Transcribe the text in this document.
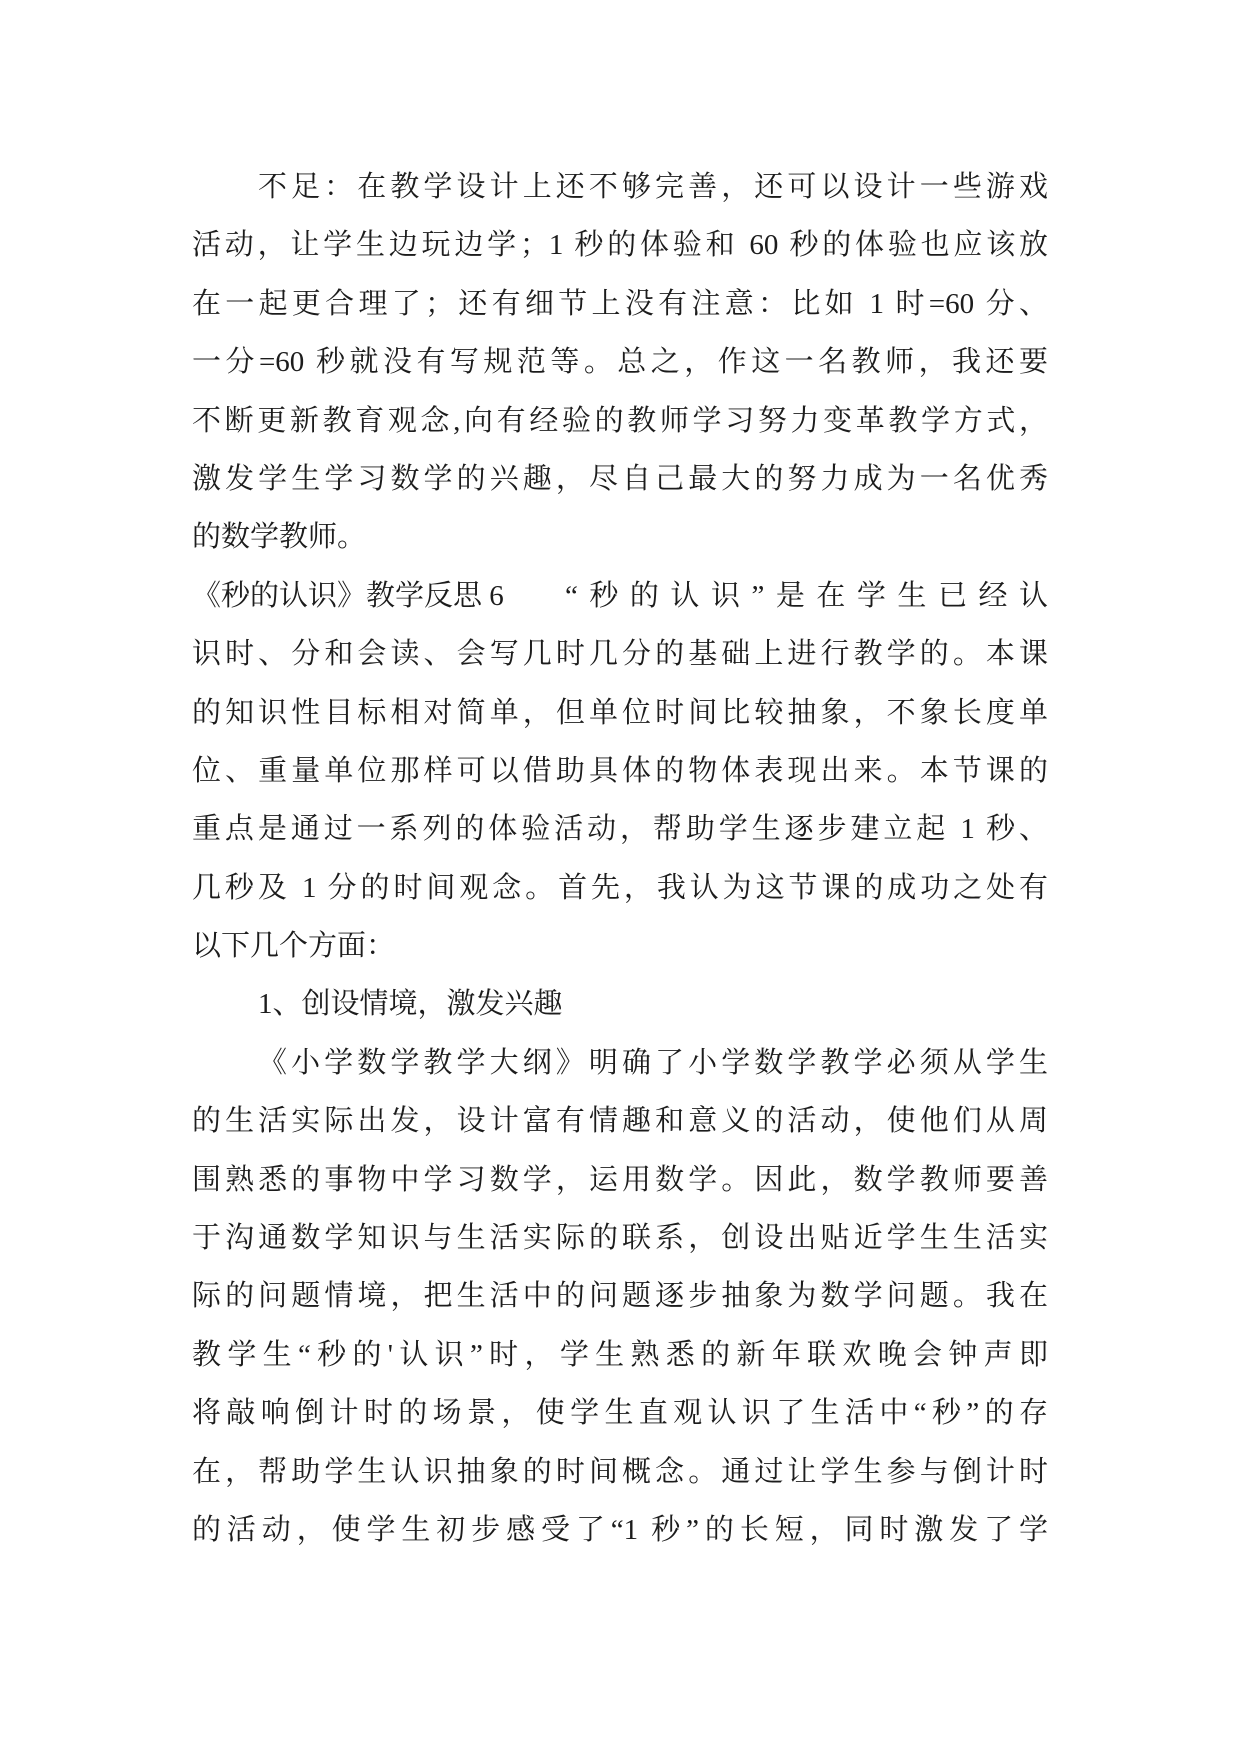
不足：在教学设计上还不够完善，还可以设计一些游戏
活动，让学生边玩边学；1 秒的体验和 60 秒的体验也应该放
在一起更合理了；还有细节上没有注意：比如 1 时=60 分、
一分=60 秒就没有写规范等。总之，作这一名教师，我还要
不断更新教育观念,向有经验的教师学习努力变革教学方式，
激发学生学习数学的兴趣，尽自己最大的努力成为一名优秀
的数学教师。
《秒的认识》教学反思 6 “秒的认识”是在学生已经认
识时、分和会读、会写几时几分的基础上进行教学的。本课
的知识性目标相对简单，但单位时间比较抽象，不象长度单
位、重量单位那样可以借助具体的物体表现出来。本节课的
重点是通过一系列的体验活动，帮助学生逐步建立起 1 秒、
几秒及 1 分的时间观念。首先，我认为这节课的成功之处有
以下几个方面：
1、创设情境，激发兴趣
《小学数学教学大纲》明确了小学数学教学必须从学生
的生活实际出发，设计富有情趣和意义的活动，使他们从周
围熟悉的事物中学习数学，运用数学。因此，数学教师要善
于沟通数学知识与生活实际的联系，创设出贴近学生生活实
际的问题情境，把生活中的问题逐步抽象为数学问题。我在
教学生“秒的'认识”时，学生熟悉的新年联欢晚会钟声即
将敲响倒计时的场景，使学生直观认识了生活中“秒”的存
在，帮助学生认识抽象的时间概念。通过让学生参与倒计时
的活动，使学生初步感受了“1 秒”的长短，同时激发了学
